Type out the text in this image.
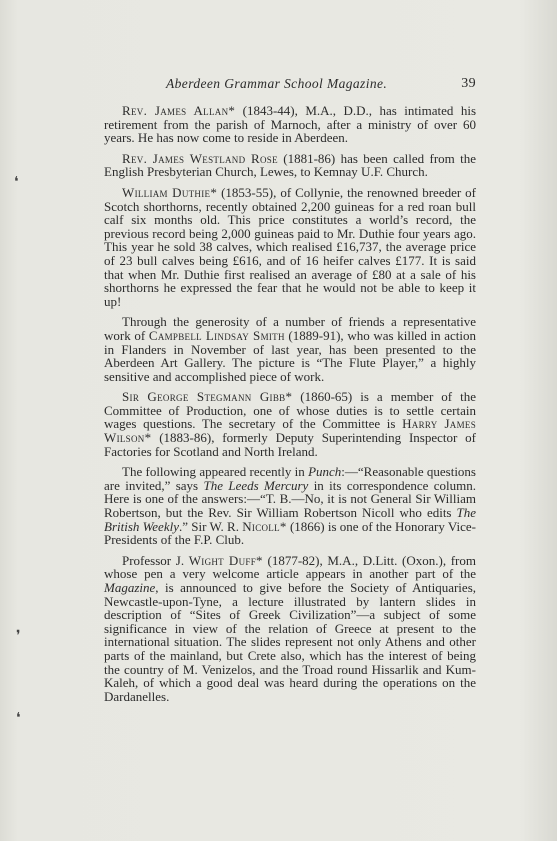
Aberdeen Grammar School Magazine.	39
❛
❜
❛

Rev. James Allan* (1843-44), M.A., D.D., has intimated his retirement from the parish of Marnoch, after a ministry of over 60 years. He has now come to reside in Aberdeen.

Rev. James Westland Rose (1881-86) has been called from the English Presbyterian Church, Lewes, to Kemnay U.F. Church.

William Duthie* (1853-55), of Collynie, the renowned breeder of Scotch shorthorns, recently obtained 2,200 guineas for a red roan bull calf six months old. This price constitutes a world’s record, the previous record being 2,000 guineas paid to Mr. Duthie four years ago. This year he sold 38 calves, which realised £16,737, the average price of 23 bull calves being £616, and of 16 heifer calves £177. It is said that when Mr. Duthie first realised an average of £80 at a sale of his shorthorns he expressed the fear that he would not be able to keep it up!

Through the generosity of a number of friends a representative work of Campbell Lindsay Smith (1889-91), who was killed in action in Flanders in November of last year, has been presented to the Aberdeen Art Gallery. The picture is “The Flute Player,” a highly sensitive and accomplished piece of work.

Sir George Stegmann Gibb* (1860-65) is a member of the Committee of Production, one of whose duties is to settle certain wages questions. The secretary of the Committee is Harry James Wilson* (1883-86), formerly Deputy Superintending Inspector of Factories for Scotland and North Ireland.

The following appeared recently in Punch:—“Reasonable questions are invited,” says The Leeds Mercury in its correspondence column. Here is one of the answers:—“T. B.—No, it is not General Sir William Robertson, but the Rev. Sir William Robertson Nicoll who edits The British Weekly.” Sir W. R. Nicoll* (1866) is one of the Honorary Vice-Presidents of the F.P. Club.

Professor J. Wight Duff* (1877-82), M.A., D.Litt. (Oxon.), from whose pen a very welcome article appears in another part of the Magazine, is announced to give before the Society of Antiquaries, Newcastle-upon-Tyne, a lecture illustrated by lantern slides in description of “Sites of Greek Civilization”—a subject of some significance in view of the relation of Greece at present to the international situation. The slides represent not only Athens and other parts of the mainland, but Crete also, which has the interest of being the country of M. Venizelos, and the Troad round Hissarlik and Kum-Kaleh, of which a good deal was heard during the operations on the Dardanelles.
